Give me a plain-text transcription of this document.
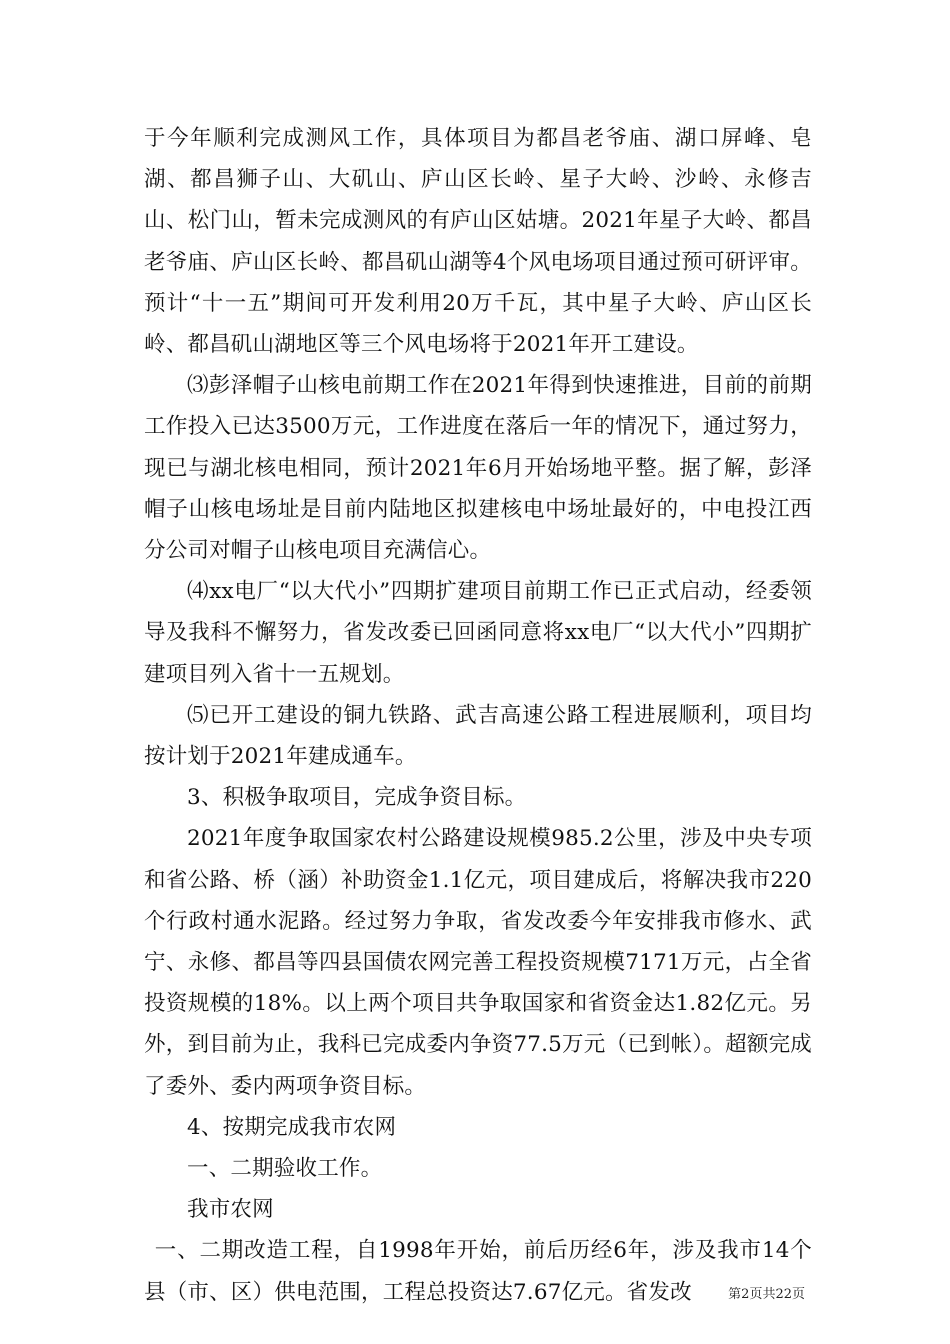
于今年顺利完成测风工作，具体项目为都昌老爷庙、湖口屏峰、皂湖、都昌狮子山、大矶山、庐山区长岭、星子大岭、沙岭、永修吉山、松门山，暂未完成测风的有庐山区姑塘。2021年星子大岭、都昌老爷庙、庐山区长岭、都昌矶山湖等4个风电场项目通过预可研评审。预计“十一五”期间可开发利用20万千瓦，其中星子大岭、庐山区长岭、都昌矶山湖地区等三个风电场将于2021年开工建设。

⑶彭泽帽子山核电前期工作在2021年得到快速推进，目前的前期工作投入已达3500万元，工作进度在落后一年的情况下，通过努力，现已与湖北核电相同，预计2021年6月开始场地平整。据了解，彭泽帽子山核电场址是目前内陆地区拟建核电中场址最好的，中电投江西分公司对帽子山核电项目充满信心。

⑷xx电厂“以大代小”四期扩建项目前期工作已正式启动，经委领导及我科不懈努力，省发改委已回函同意将xx电厂“以大代小”四期扩建项目列入省十一五规划。

⑸已开工建设的铜九铁路、武吉高速公路工程进展顺利，项目均按计划于2021年建成通车。

3、积极争取项目，完成争资目标。

2021年度争取国家农村公路建设规模985.2公里，涉及中央专项和省公路、桥（涵）补助资金1.1亿元，项目建成后，将解决我市220个行政村通水泥路。经过努力争取，省发改委今年安排我市修水、武宁、永修、都昌等四县国债农网完善工程投资规模7171万元，占全省投资规模的18%。以上两个项目共争取国家和省资金达1.82亿元。另外，到目前为止，我科已完成委内争资77.5万元（已到帐）。超额完成了委外、委内两项争资目标。

4、按期完成我市农网

一、二期验收工作。

我市农网

一、二期改造工程，自1998年开始，前后历经6年，涉及我市14个县（市、区）供电范围，工程总投资达7.67亿元。省发改	第2页共22页
